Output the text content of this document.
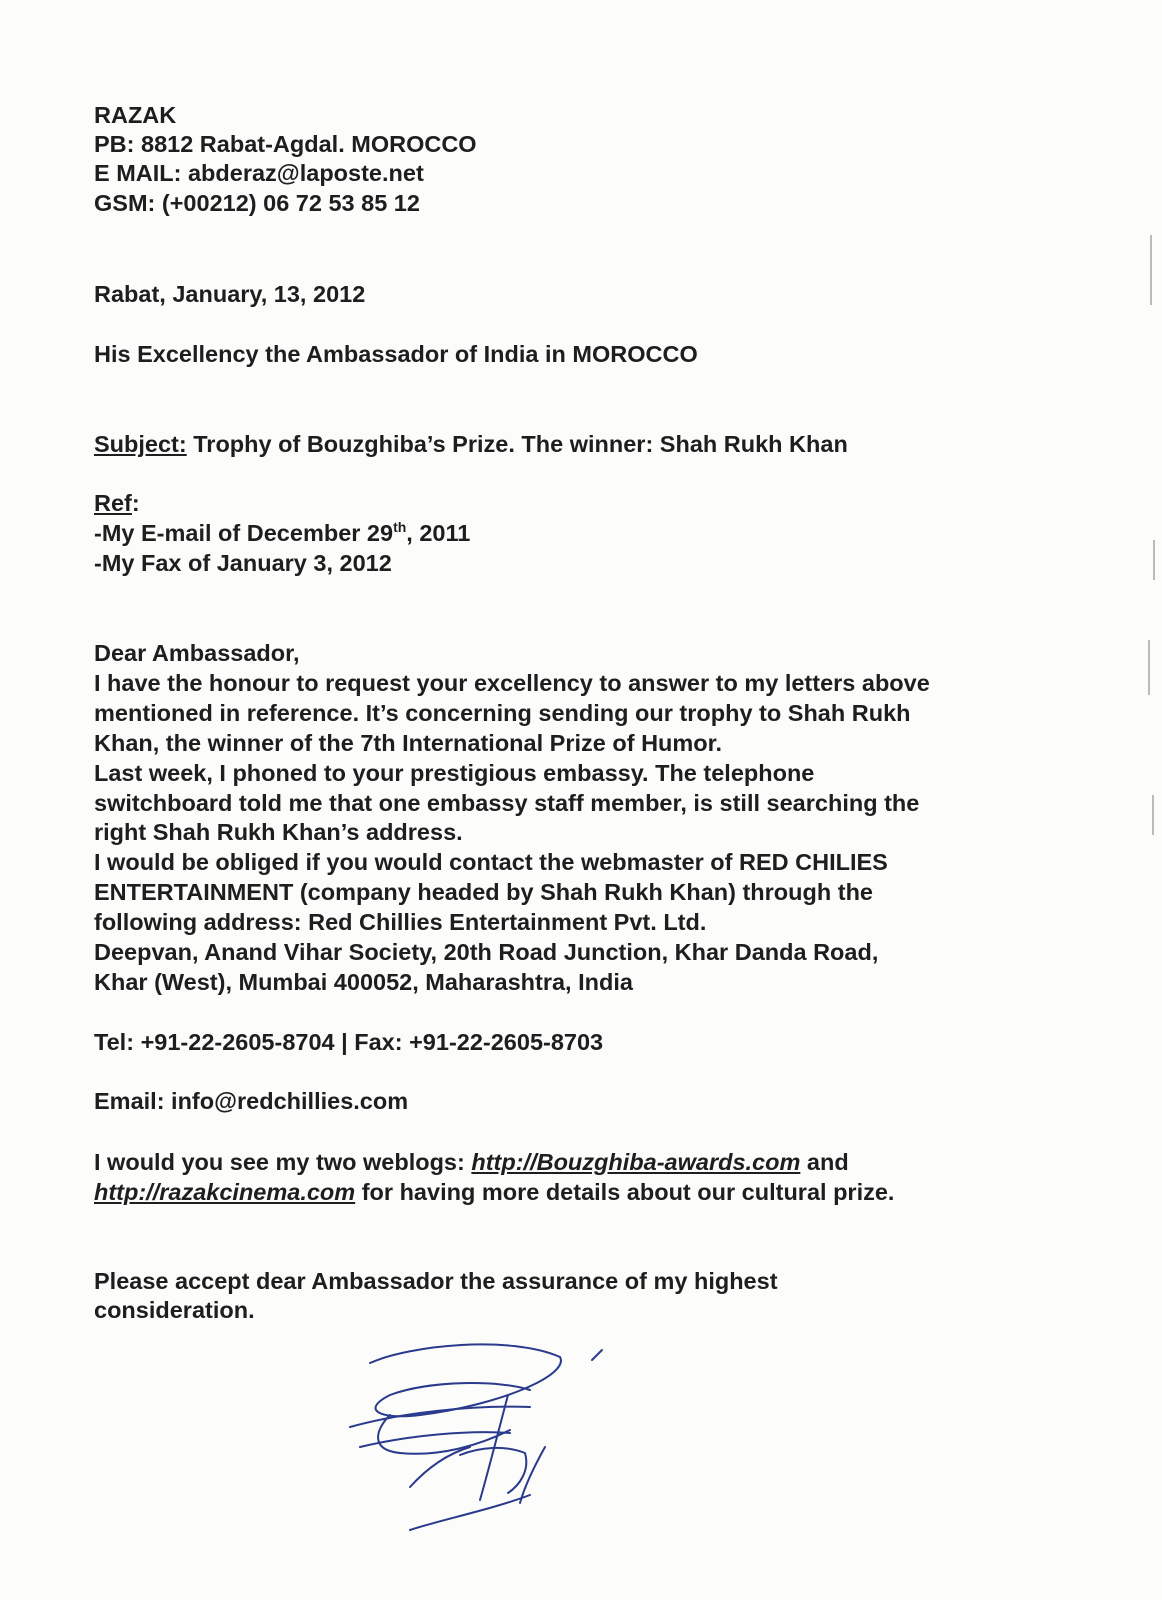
RAZAK

PB: 8812 Rabat-Agdal. MOROCCO

E MAIL: abderaz@laposte.net

GSM: (+00212) 06 72 53 85 12

Rabat, January, 13, 2012

His Excellency the Ambassador of India in MOROCCO

Subject: Trophy of Bouzghiba’s Prize. The winner: Shah Rukh Khan

Ref:

-My E-mail of December 29th, 2011

-My Fax of January 3, 2012

Dear Ambassador,

I have the honour to request your excellency to answer to my letters above

mentioned in reference. It’s concerning sending our trophy to Shah Rukh

Khan, the winner of the 7th International Prize of Humor.

Last week, I phoned to your prestigious embassy. The telephone

switchboard told me that one embassy staff member, is still searching the

right Shah Rukh Khan’s address.

I would be obliged if you would contact the webmaster of RED CHILIES

ENTERTAINMENT (company headed by Shah Rukh Khan) through the

following address: Red Chillies Entertainment Pvt. Ltd.

Deepvan, Anand Vihar Society, 20th Road Junction, Khar Danda Road,

Khar (West), Mumbai 400052, Maharashtra, India

Tel: +91-22-2605-8704 | Fax: +91-22-2605-8703

Email: info@redchillies.com

I would you see my two weblogs: http://Bouzghiba-awards.com and

http://razakcinema.com for having more details about our cultural prize.

Please accept dear Ambassador the assurance of my highest

consideration.
